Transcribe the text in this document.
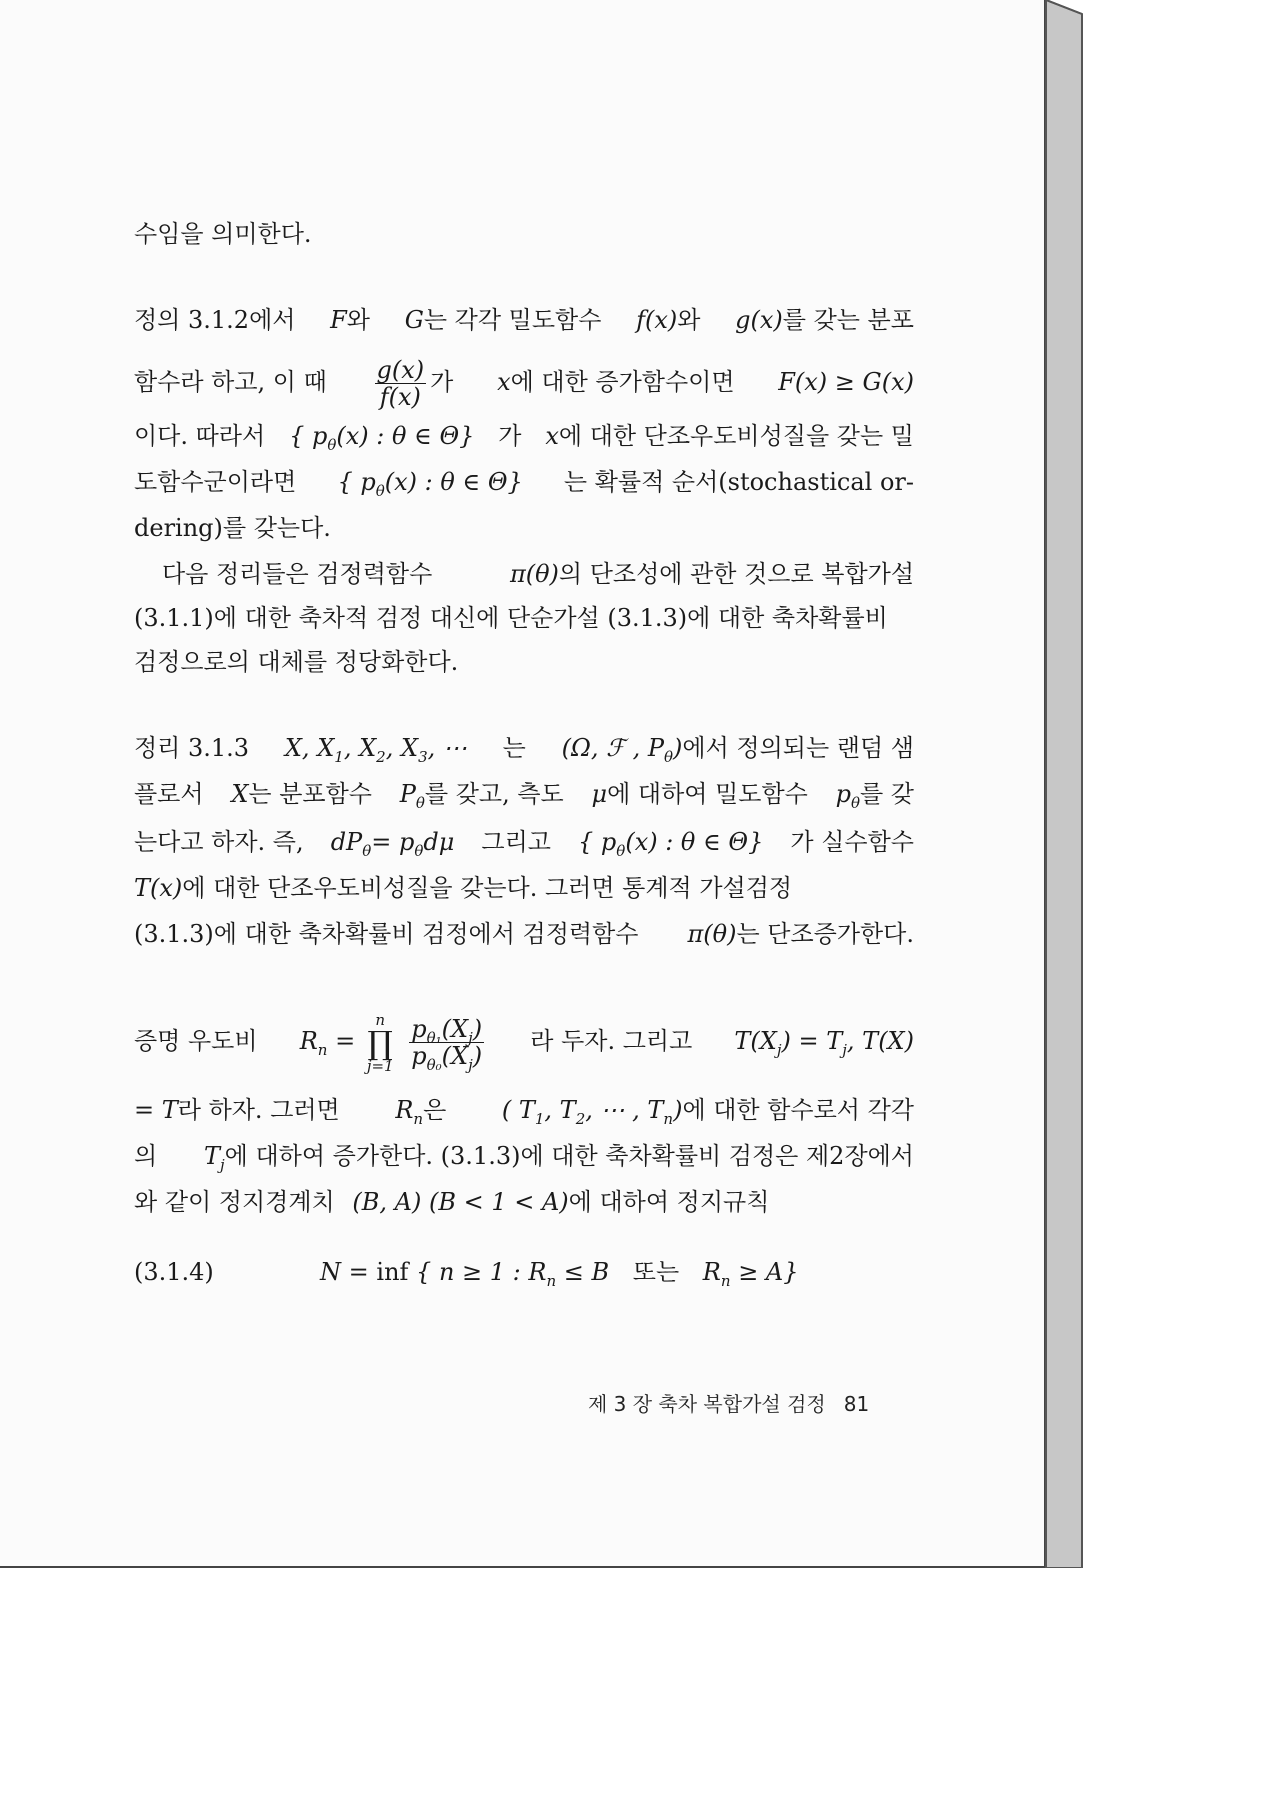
수임을 의미한다.
정의 3.1.2에서 F와 G는 각각 밀도함수 f(x)와 g(x)를 갖는 분포
함수라 하고, 이 때 $\frac{g(x)}{f(x)}$ 가 x에 대한 증가함수이면 F(x) ≥ G(x)
이다. 따라서 { $p_\theta(x)$ : θ ∈ Θ} 가 x에 대한 단조우도비성질을 갖는 밀
도함수군이라면 { $p_\theta(x)$ : θ ∈ Θ} 는 확률적 순서(stochastical or-
dering)를 갖는다.
다음 정리들은 검정력함수	π(θ)의 단조성에 관한 것으로 복합가설
(3.1.1)에 대한 축차적 검정 대신에 단순가설 (3.1.3)에 대한 축차확률비
검정으로의 대체를 정당화한다.
정리 3.1.3 X, $X_1$, $X_2$, $X_3$, ⋯ 는 (Ω, ℱ , $P_\theta$)에서 정의되는 랜덤 샘
플로서 X는 분포함수 $P_\theta$를 갖고, 측도 μ에 대하여 밀도함수 $p_\theta$를 갖
는다고 하자. 즉, $dP_\theta= p_\theta d\mu$ 그리고 { $p_\theta(x)$ : θ ∈ Θ} 가 실수함수
T(x)에 대한 단조우도비성질을 갖는다. 그러면 통계적 가설검정
(3.1.3)에 대한 축차확률비 검정에서 검정력함수 π(θ)는 단조증가한다.
증명 우도비 $R_n$ =
n
∏
j=1
$\frac{p_{\theta_1}(X_j)}{p_{\theta_0}(X_j)}$ 라 두자. 그리고 $T(X_j) = T_j$, T(X)
= T라 하자. 그러면 $R_n$은 ( $T_1$, $T_2$, ⋯ , $T_n$)에 대한 함수로서 각각
의 $T_j$에 대하여 증가한다. (3.1.3)에 대한 축차확률비 검정은 제2장에서
와 같이 정지경계치 (B, A) (B < 1 < A)에 대하여 정지규칙
(3.1.4)	N = inf { n ≥ 1 : $R_n \le B$ 또는 $R_n \ge A$}
제 3 장 축차 복합가설 검정 81
